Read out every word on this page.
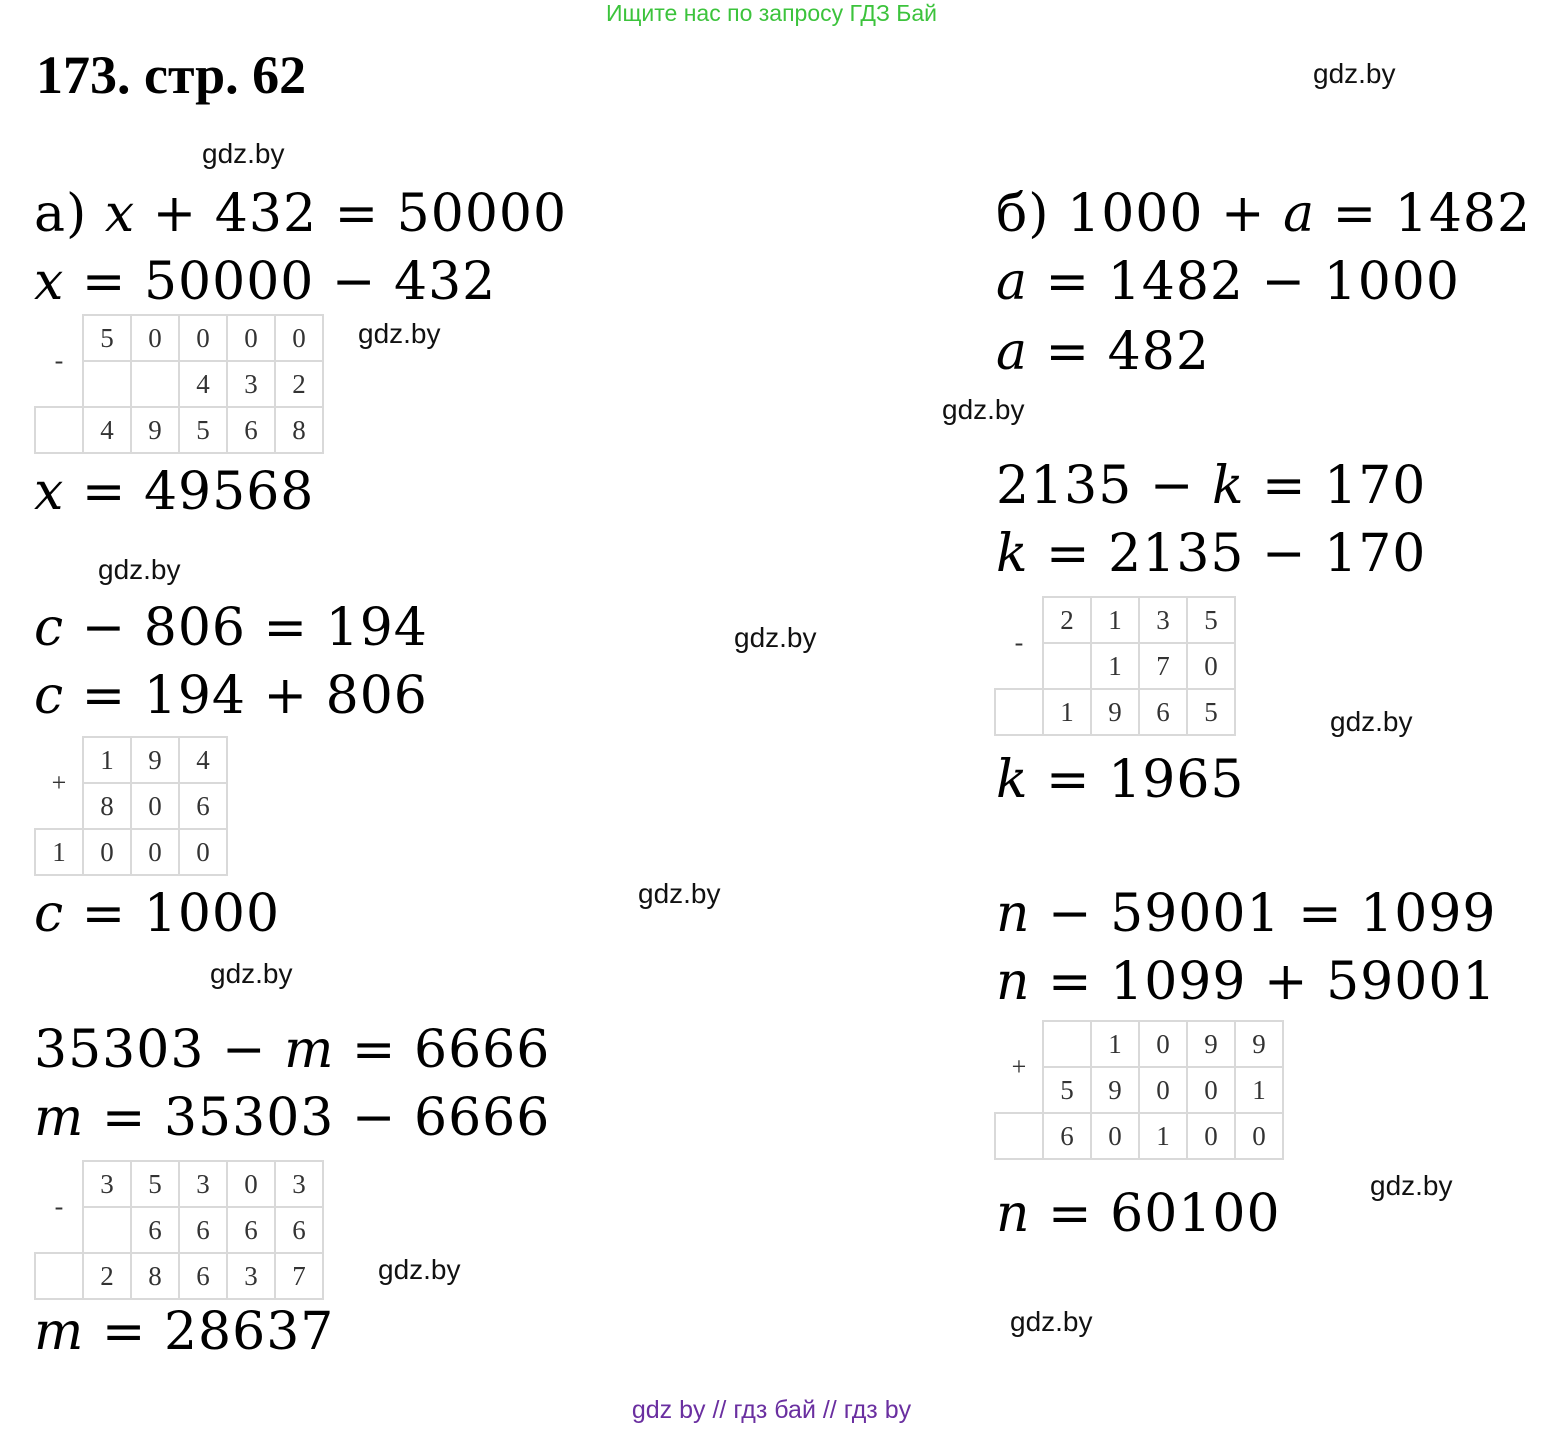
Ищите нас по запросу ГДЗ Бай
173. стр. 62	gdz.by
gdz.by
gdz.by
gdz.by
gdz.by
gdz.by
gdz.by
gdz.by
gdz.by
gdz.by
gdz.by
gdz.by
а) x + 432 = 50000
x = 50000 − 432
-	5	0	0	0	0
			4	3	2
	4	9	5	6	8
x = 49568
c − 806 = 194
c = 194 + 806
+	1	9	4
	8	0	6
1	0	0	0
c = 1000
35303 − m = 6666
m = 35303 − 6666
-	3	5	3	0	3
		6	6	6	6
	2	8	6	3	7
m = 28637
б) 1000 + a = 1482
a = 1482 − 1000
a = 482
2135 − k = 170
k = 2135 − 170
-	2	1	3	5
		1	7	0
	1	9	6	5
k = 1965
n − 59001 = 1099
n = 1099 + 59001
+		1	0	9	9
	5	9	0	0	1
	6	0	1	0	0
n = 60100
gdz by // гдз бай // гдз by
